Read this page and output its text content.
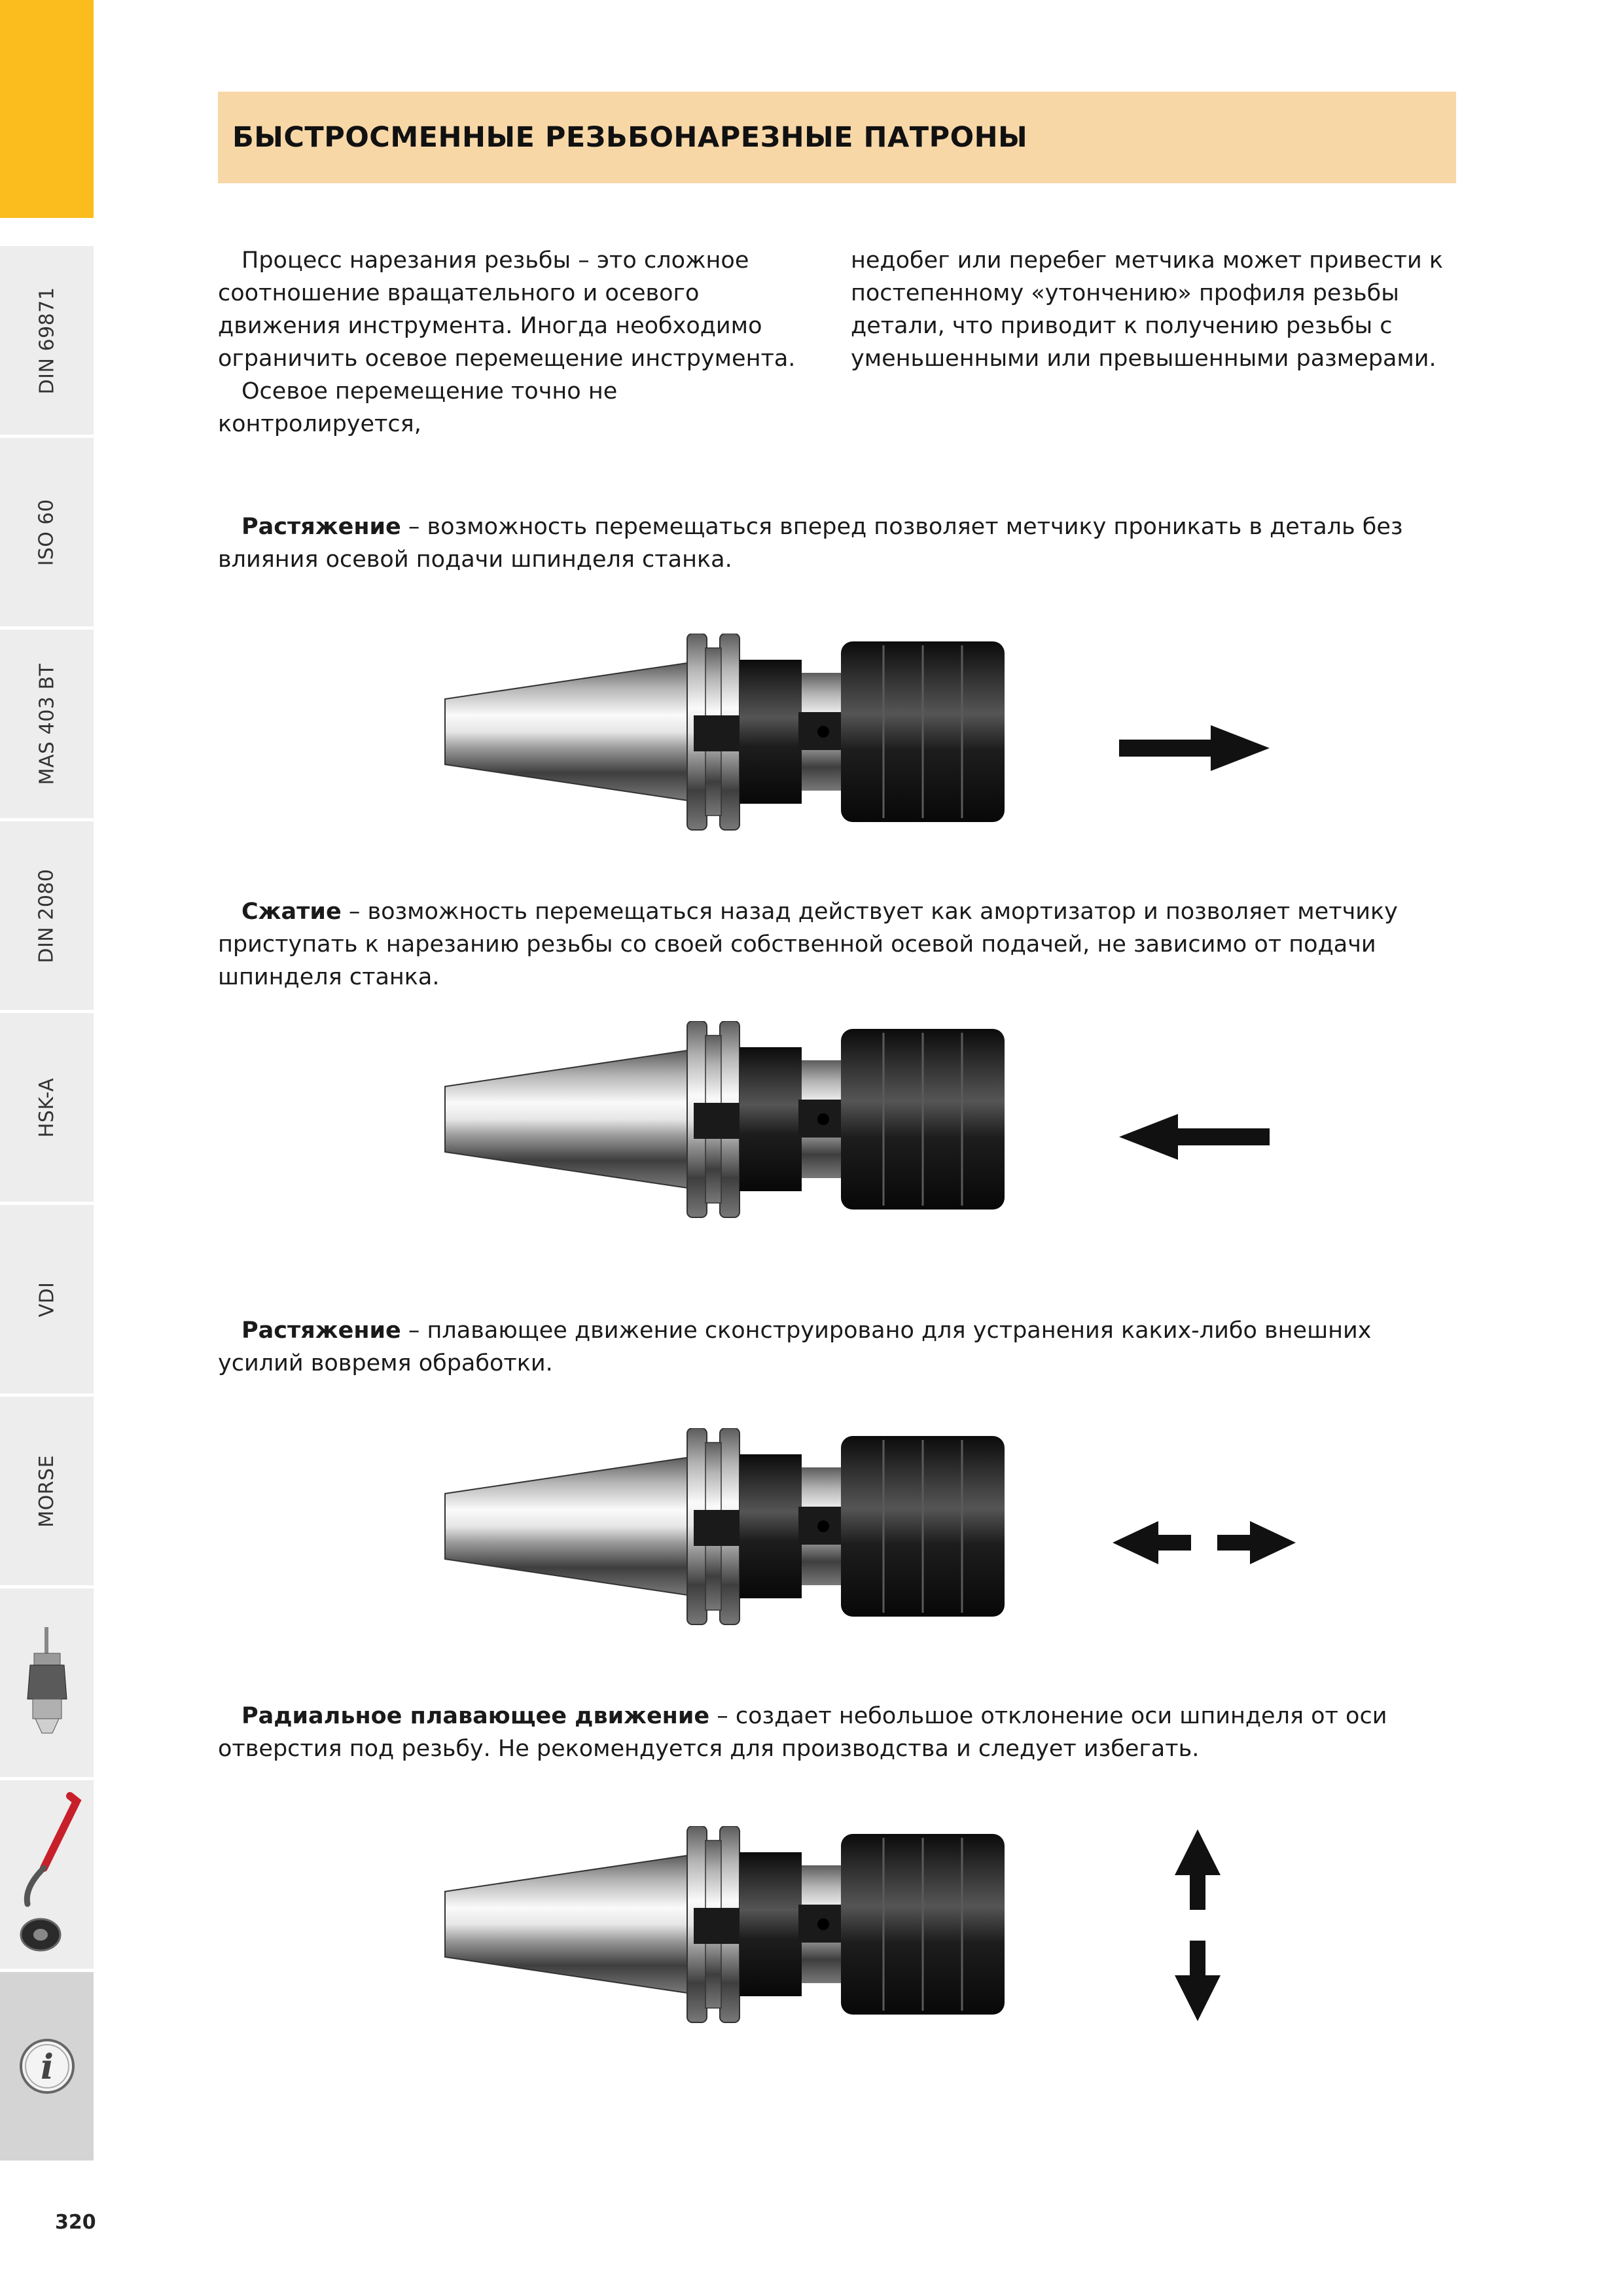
DIN 69871
ISO 60
MAS 403 BT
DIN 2080
HSK-A
VDI
MORSE
i
320
БЫСТРОСМЕННЫЕ РЕЗЬБОНАРЕЗНЫЕ ПАТРОНЫ

Процесс нарезания резьбы – это сложное соотношение вращательного и осевого движения инструмента. Иногда необходимо ограничить осевое перемещение инструмента.

Осевое перемещение точно не контролируется,

недобег или перебег метчика может привести к постепенному «утончению» профиля резьбы детали, что приводит к получению резьбы с уменьшенными или превышенными размерами.

Растяжение – возможность перемещаться вперед позволяет метчику проникать в деталь без влияния осевой подачи шпинделя станка.

Сжатие – возможность перемещаться назад действует как амортизатор и позволяет метчику приступать к нарезанию резьбы со своей собственной осевой подачей, не зависимо от подачи шпинделя станка.

Растяжение – плавающее движение сконструировано для устранения каких-либо внешних усилий вовремя обработки.

Радиальное плавающее движение – создает небольшое отклонение оси шпинделя от оси отверстия под резьбу. Не рекомендуется для производства и следует избегать.
